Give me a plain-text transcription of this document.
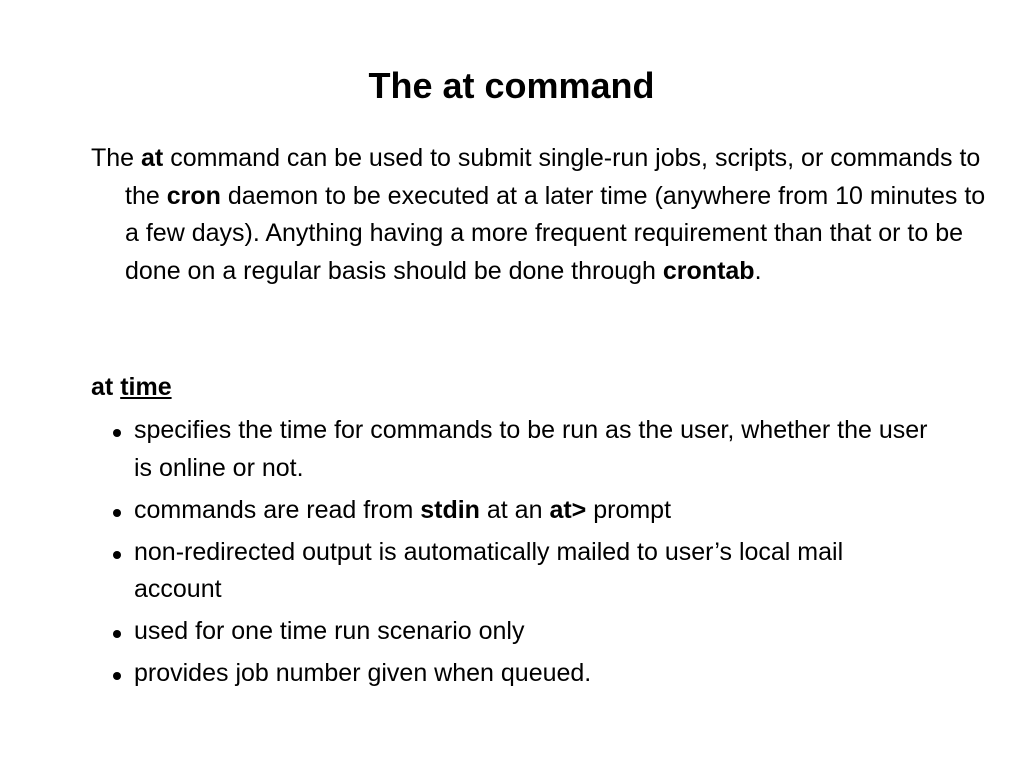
The at command

The at command can be used to submit single-run jobs, scripts, or commands to the cron daemon to be executed at a later time (anywhere from 10 minutes to a few days). Anything having a more frequent requirement than that or to be done on a regular basis should be done through crontab.

at time

specifies the time for commands to be run as the user, whether the user is online or not.
commands are read from stdin at an at> prompt
non-redirected output is automatically mailed to user’s local mail account
used for one time run scenario only
provides job number given when queued.
